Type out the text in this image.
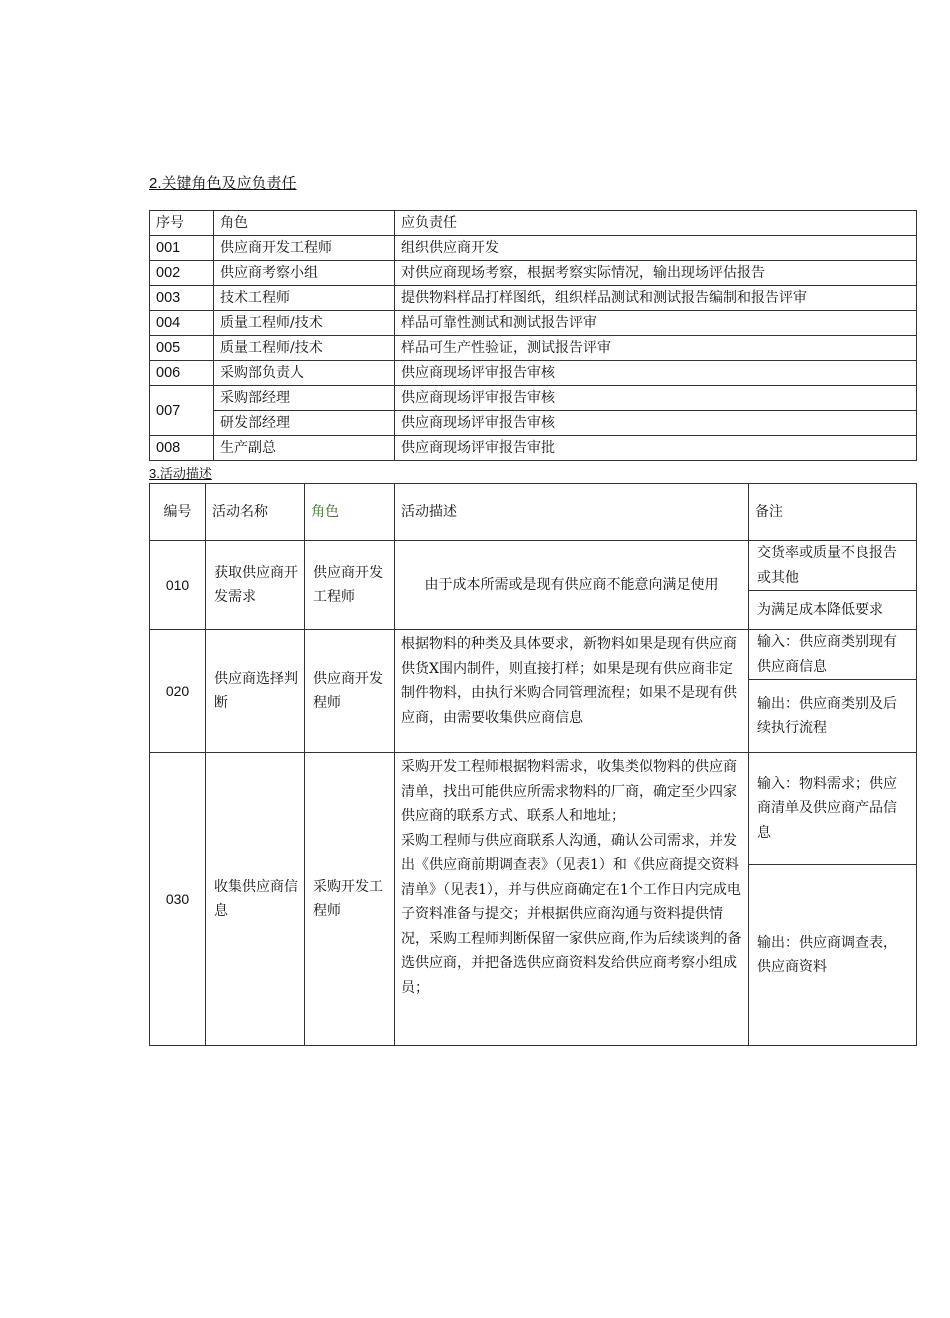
2.关键角色及应负责任
序号	角色	应负责任
001	供应商开发工程师	组织供应商开发
002	供应商考察小组	对供应商现场考察，根据考察实际情况，输出现场评估报告
003	技术工程师	提供物料样品打样图纸，组织样品测试和测试报告编制和报告评审
004	质量工程师/技术	样品可靠性测试和测试报告评审
005	质量工程师/技术	样品可生产性验证，测试报告评审
006	采购部负责人	供应商现场评审报告审核
007	采购部经理	供应商现场评审报告审核
	研发部经理	供应商现场评审报告审核
008	生产副总	供应商现场评审报告审批
3.活动描述
编号	活动名称	角色	活动描述	备注
010	获取供应商开发需求	供应商开发工程师	由于成本所需或是现有供应商不能意向满足使用	交货率或质量不良报告或其他
				为满足成本降低要求
020	供应商选择判断	供应商开发程师	根据物料的种类及具体要求，新物料如果是现有供应商供货X围内制件，则直接打样；如果是现有供应商非定制件物料，由执行米购合同管理流程；如果不是现有供应商，由需要收集供应商信息	输入：供应商类别现有供应商信息
				输出：供应商类别及后续执行流程
030	收集供应商信息	采购开发工程师	采购开发工程师根据物料需求，收集类似物料的供应商清单，找出可能供应所需求物料的厂商，确定至少四家供应商的联系方式、联系人和地址；
采购工程师与供应商联系人沟通，确认公司需求，并发出《供应商前期调查表》（见表1）和《供应商提交资料清单》（见表1），并与供应商确定在1个工作日内完成电子资料准备与提交；并根据供应商沟通与资料提供情况，采购工程师判断保留一家供应商,作为后续谈判的备选供应商，并把备选供应商资料发给供应商考察小组成员；	输入：物料需求；供应商清单及供应商产品信息
				输出：供应商调查表，供应商资料
